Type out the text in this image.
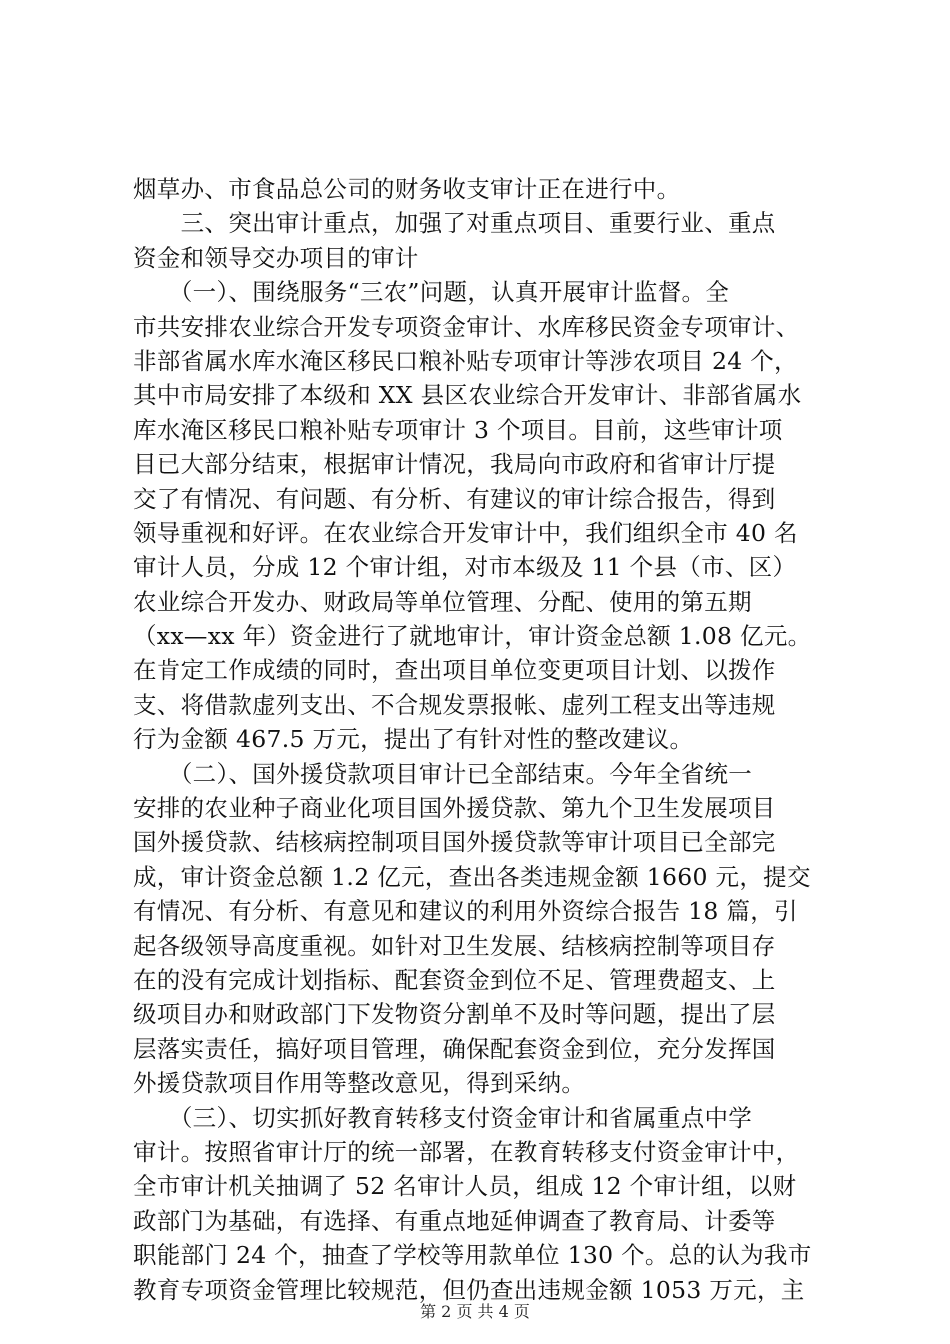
烟草办、市食品总公司的财务收支审计正在进行中。
　　三、突出审计重点，加强了对重点项目、重要行业、重点
资金和领导交办项目的审计
　　（一）、围绕服务“三农”问题，认真开展审计监督。全
市共安排农业综合开发专项资金审计、水库移民资金专项审计、
非部省属水库水淹区移民口粮补贴专项审计等涉农项目 24 个，
其中市局安排了本级和 XX 县区农业综合开发审计、非部省属水
库水淹区移民口粮补贴专项审计 3 个项目。目前，这些审计项
目已大部分结束，根据审计情况，我局向市政府和省审计厅提
交了有情况、有问题、有分析、有建议的审计综合报告，得到
领导重视和好评。在农业综合开发审计中，我们组织全市 40 名
审计人员，分成 12 个审计组，对市本级及 11 个县（市、区）
农业综合开发办、财政局等单位管理、分配、使用的第五期
（xx—xx 年）资金进行了就地审计，审计资金总额 1.08 亿元。
在肯定工作成绩的同时，查出项目单位变更项目计划、以拨作
支、将借款虚列支出、不合规发票报帐、虚列工程支出等违规
行为金额 467.5 万元，提出了有针对性的整改建议。
　　（二）、国外援贷款项目审计已全部结束。今年全省统一
安排的农业种子商业化项目国外援贷款、第九个卫生发展项目
国外援贷款、结核病控制项目国外援贷款等审计项目已全部完
成，审计资金总额 1.2 亿元，查出各类违规金额 1660 元，提交
有情况、有分析、有意见和建议的利用外资综合报告 18 篇，引
起各级领导高度重视。如针对卫生发展、结核病控制等项目存
在的没有完成计划指标、配套资金到位不足、管理费超支、上
级项目办和财政部门下发物资分割单不及时等问题，提出了层
层落实责任，搞好项目管理，确保配套资金到位，充分发挥国
外援贷款项目作用等整改意见，得到采纳。
　　（三）、切实抓好教育转移支付资金审计和省属重点中学
审计。按照省审计厅的统一部署，在教育转移支付资金审计中，
全市审计机关抽调了 52 名审计人员，组成 12 个审计组，以财
政部门为基础，有选择、有重点地延伸调查了教育局、计委等
职能部门 24 个，抽查了学校等用款单位 130 个。总的认为我市
教育专项资金管理比较规范，但仍查出违规金额 1053 万元，主
第 2 页 共 4 页
